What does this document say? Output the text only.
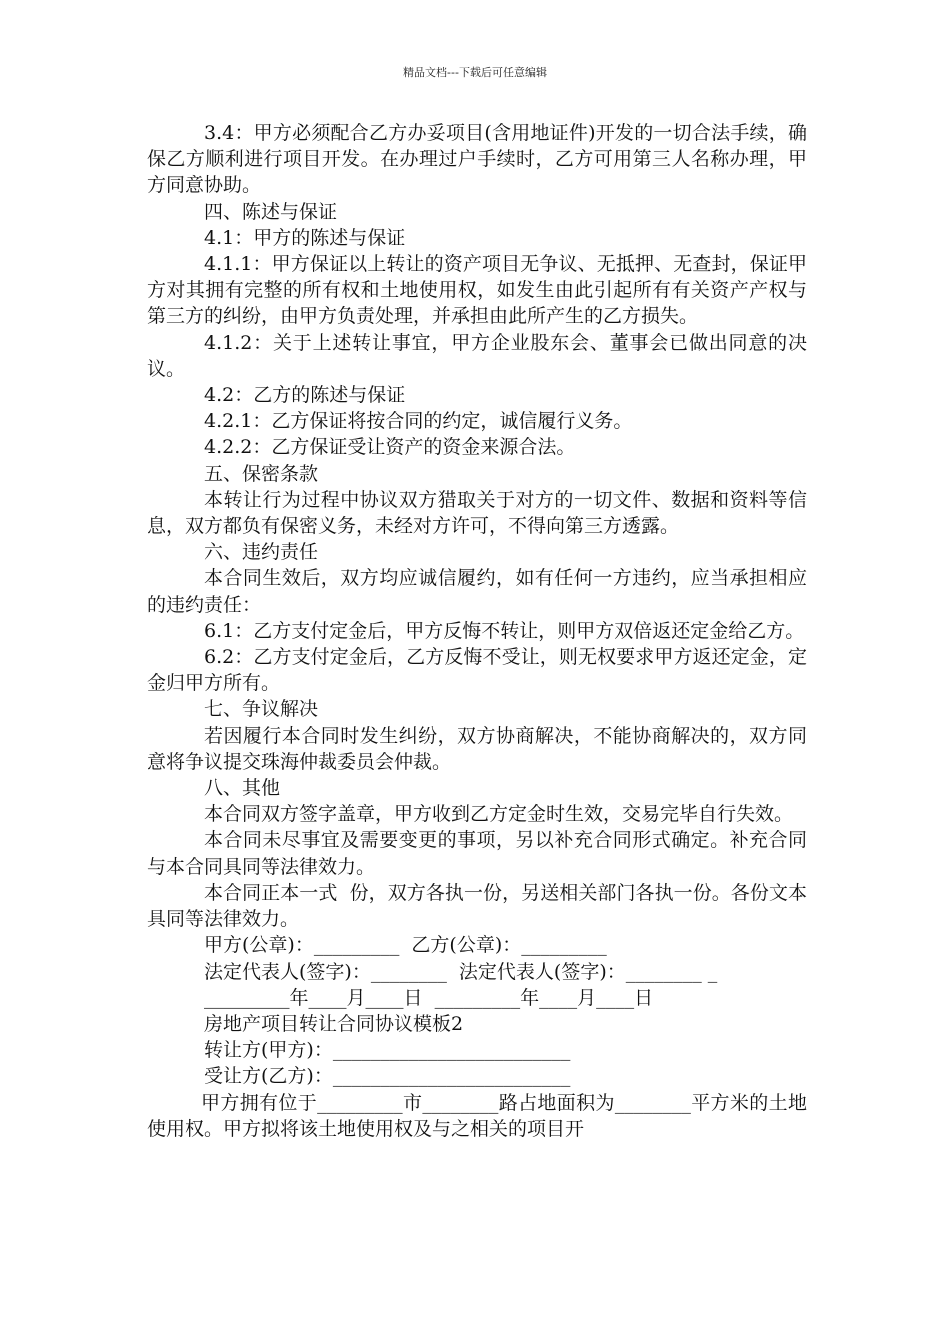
精品文档---下载后可任意编辑

3.4：甲方必须配合乙方办妥项目(含用地证件)开发的一切合法手续，确保乙方顺利进行项目开发。在办理过户手续时，乙方可用第三人名称办理，甲方同意协助。

四、陈述与保证

4.1：甲方的陈述与保证

4.1.1：甲方保证以上转让的资产项目无争议、无抵押、无查封，保证甲方对其拥有完整的所有权和土地使用权，如发生由此引起所有有关资产产权与第三方的纠纷，由甲方负责处理，并承担由此所产生的乙方损失。

4.1.2：关于上述转让事宜，甲方企业股东会、董事会已做出同意的决议。

4.2：乙方的陈述与保证

4.2.1：乙方保证将按合同的约定，诚信履行义务。

4.2.2：乙方保证受让资产的资金来源合法。

五、保密条款

本转让行为过程中协议双方猎取关于对方的一切文件、数据和资料等信息，双方都负有保密义务，未经对方许可，不得向第三方透露。

六、违约责任

本合同生效后，双方均应诚信履约，如有任何一方违约，应当承担相应的违约责任：

6.1：乙方支付定金后，甲方反悔不转让，则甲方双倍返还定金给乙方。

6.2：乙方支付定金后，乙方反悔不受让，则无权要求甲方返还定金，定金归甲方所有。

七、争议解决

若因履行本合同时发生纠纷，双方协商解决，不能协商解决的，双方同意将争议提交珠海仲裁委员会仲裁。

八、其他

本合同双方签字盖章，甲方收到乙方定金时生效，交易完毕自行失效。

本合同未尽事宜及需要变更的事项，另以补充合同形式确定。补充合同与本合同具同等法律效力。

本合同正本一式  份，双方各执一份，另送相关部门各执一份。各份文本具同等法律效力。

甲方(公章)：_________  乙方(公章)：_________

法定代表人(签字)：________  法定代表人(签字)：________ _

_________年____月____日  _________年____月____日

房地产项目转让合同协议模板2

转让方(甲方)：_________________________

受让方(乙方)：_________________________

甲方拥有位于_________市________路占地面积为________平方米的土地使用权。甲方拟将该土地使用权及与之相关的项目开
